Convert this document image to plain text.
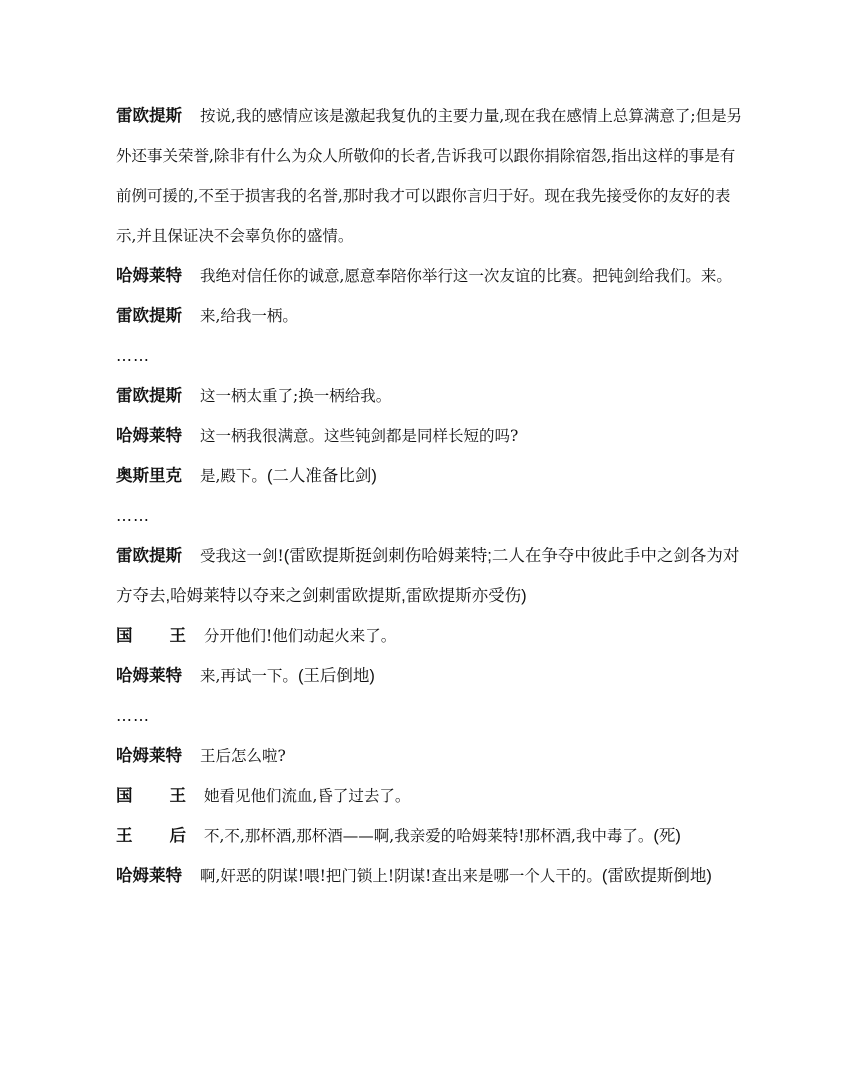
雷欧提斯 按说,我的感情应该是激起我复仇的主要力量,现在我在感情上总算满意了;但是另外还事关荣誉,除非有什么为众人所敬仰的长者,告诉我可以跟你捐除宿怨,指出这样的事是有前例可援的,不至于损害我的名誉,那时我才可以跟你言归于好。现在我先接受你的友好的表示,并且保证决不会辜负你的盛情。
哈姆莱特 我绝对信任你的诚意,愿意奉陪你举行这一次友谊的比赛。把钝剑给我们。来。
雷欧提斯 来,给我一柄。
……
雷欧提斯 这一柄太重了;换一柄给我。
哈姆莱特 这一柄我很满意。这些钝剑都是同样长短的吗?
奥斯里克 是,殿下。(二人准备比剑)
……
雷欧提斯 受我这一剑!(雷欧提斯挺剑刺伤哈姆莱特;二人在争夺中彼此手中之剑各为对方夺去,哈姆莱特以夺来之剑刺雷欧提斯,雷欧提斯亦受伤)
国王 分开他们!他们动起火来了。
哈姆莱特 来,再试一下。(王后倒地)
……
哈姆莱特 王后怎么啦?
国王 她看见他们流血,昏了过去了。
王后 不,不,那杯酒,那杯酒——啊,我亲爱的哈姆莱特!那杯酒,我中毒了。(死)
哈姆莱特 啊,奸恶的阴谋!喂!把门锁上!阴谋!查出来是哪一个人干的。(雷欧提斯倒地)
